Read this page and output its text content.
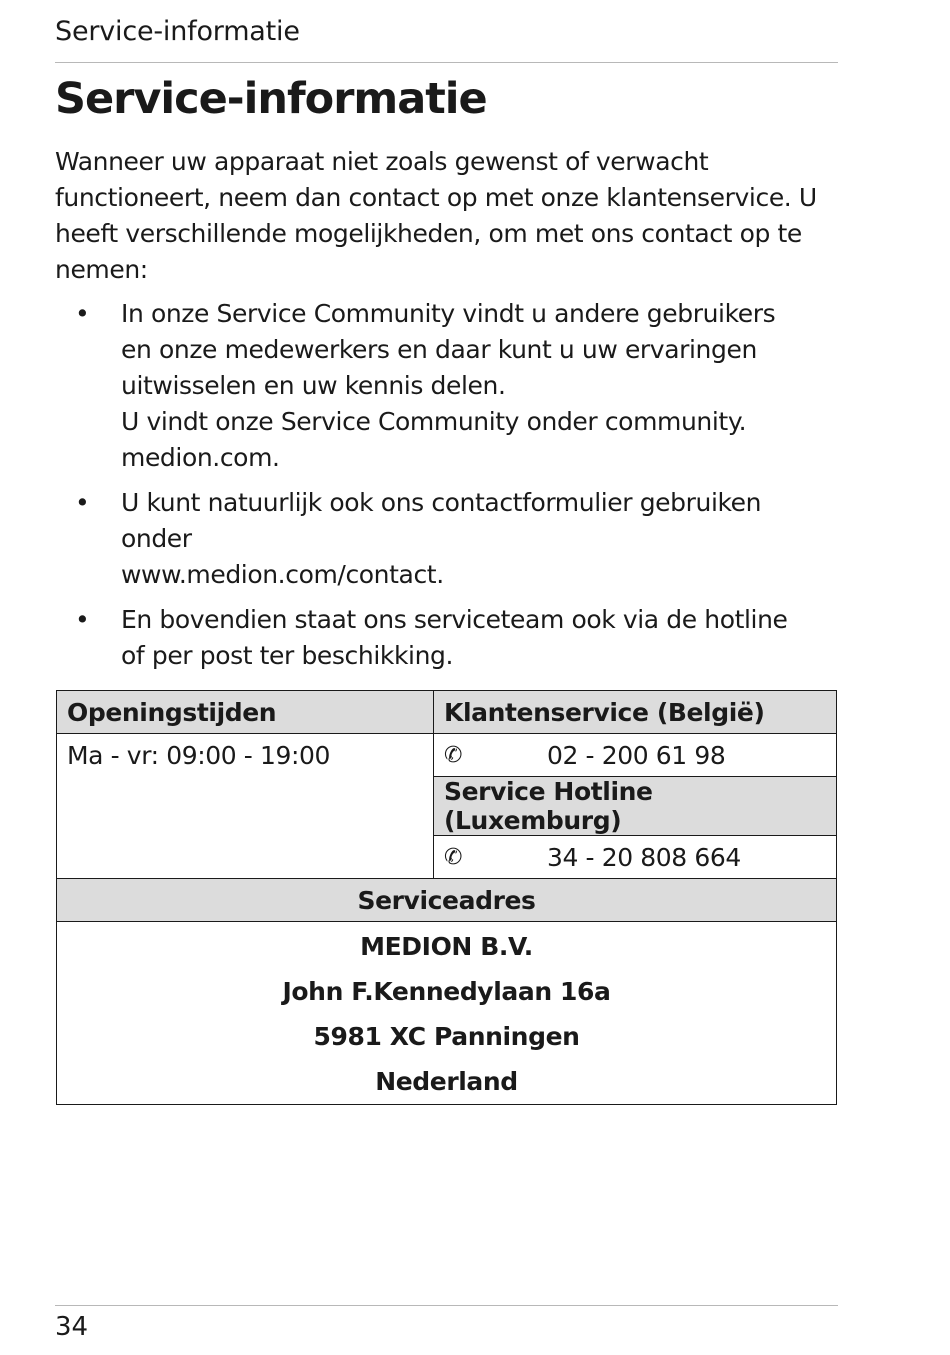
Service-informatie
Service-informatie

Wanneer uw apparaat niet zoals gewenst of verwacht
functioneert, neem dan contact op met onze klantenservice. U
heeft verschillende mogelijkheden, om met ons contact op te
nemen:

• In onze Service Community vindt u andere gebruikers
en onze medewerkers en daar kunt u uw ervaringen
uitwisselen en uw kennis delen.
U vindt onze Service Community onder community.
medion.com.
• U kunt natuurlijk ook ons contactformulier gebruiken
onder
www.medion.com/contact.
• En bovendien staat ons serviceteam ook via de hotline
of per post ter beschikking.
Openingstijden	Klantenservice (België)
Ma - vr: 09:00 - 19:00	✆ 02 - 200 61 98

	Service Hotline (Luxemburg)

	✆ 34 - 20 808 664

Serviceadres	
MEDION B.V.	
John F.Kennedylaan 16a	
5981 XC Panningen	
Nederland	
34
